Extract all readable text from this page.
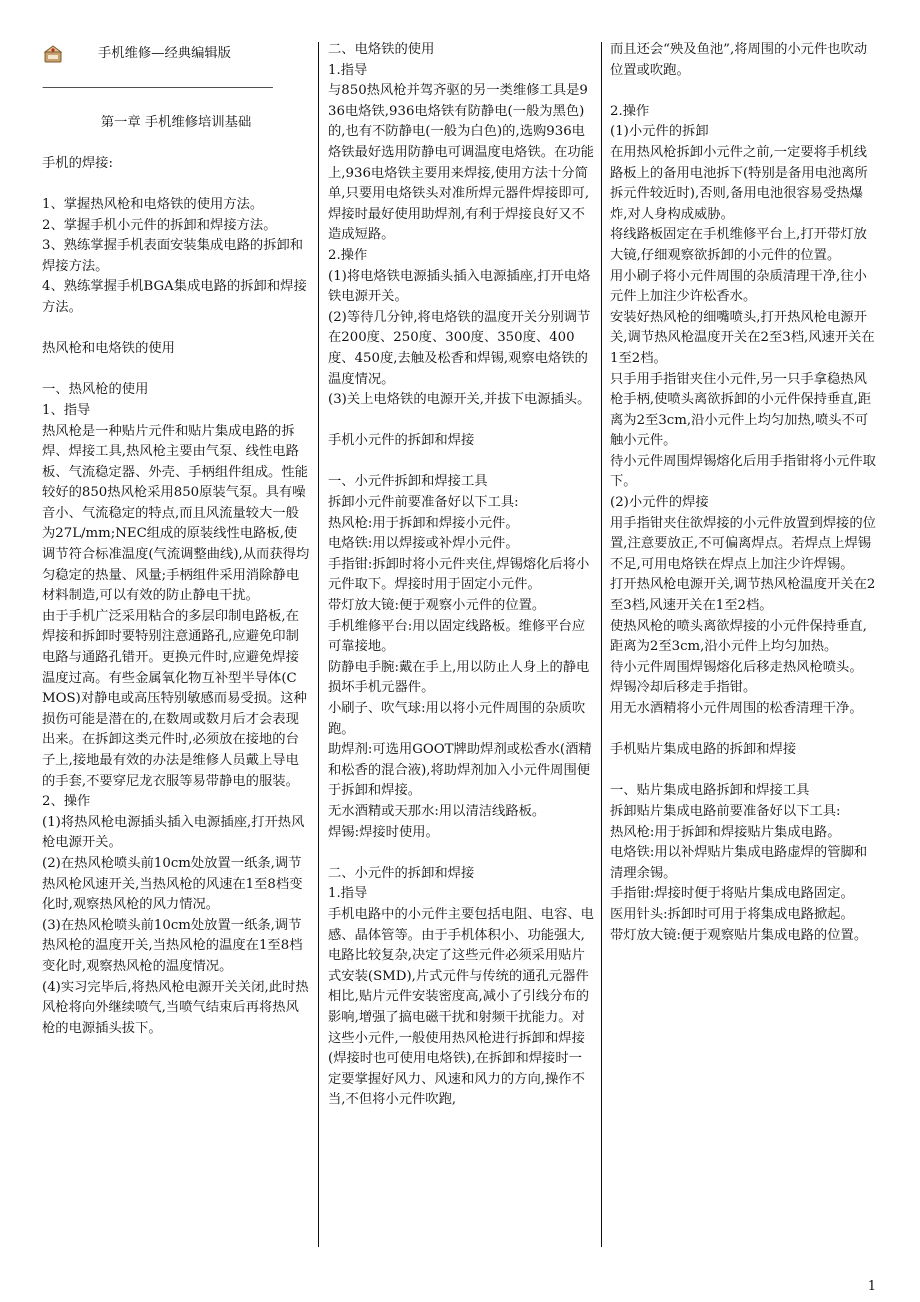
手机维修—经典编辑版
————————————————————
第一章 手机维修培训基础
手机的焊接:
1、掌握热风枪和电烙铁的使用方法。
2、掌握手机小元件的拆卸和焊接方法。
3、熟练掌握手机表面安装集成电路的拆卸和焊接方法。
4、熟练掌握手机BGA集成电路的拆卸和焊接方法。
热风枪和电烙铁的使用
一、热风枪的使用
1、指导
热风枪是一种贴片元件和贴片集成电路的拆焊、焊接工具,热风枪主要由气泵、线性电路板、气流稳定器、外壳、手柄组件组成。性能较好的850热风枪采用850原装气泵。具有噪音小、气流稳定的特点,而且风流量较大一般为27L/mm;NEC组成的原装线性电路板,使调节符合标准温度(气流调整曲线),从而获得均匀稳定的热量、风量;手柄组件采用消除静电材料制造,可以有效的防止静电干扰。
由于手机广泛采用粘合的多层印制电路板,在焊接和拆卸时要特别注意通路孔,应避免印制电路与通路孔错开。更换元件时,应避免焊接温度过高。有些金属氧化物互补型半导体(CMOS)对静电或高压特别敏感而易受损。这种损伤可能是潜在的,在数周或数月后才会表现出来。在拆卸这类元件时,必须放在接地的台子上,接地最有效的办法是维修人员戴上导电的手套,不要穿尼龙衣服等易带静电的服装。
2、操作
(1)将热风枪电源插头插入电源插座,打开热风枪电源开关。
(2)在热风枪喷头前10cm处放置一纸条,调节热风枪风速开关,当热风枪的风速在1至8档变化时,观察热风枪的风力情况。
(3)在热风枪喷头前10cm处放置一纸条,调节热风枪的温度开关,当热风枪的温度在1至8档变化时,观察热风枪的温度情况。
(4)实习完毕后,将热风枪电源开关关闭,此时热风枪将向外继续喷气,当喷气结束后再将热风枪的电源插头拔下。
二、电烙铁的使用
1.指导
与850热风枪并驾齐驱的另一类维修工具是936电烙铁,936电烙铁有防静电(一般为黑色)的,也有不防静电(一般为白色)的,选购936电烙铁最好选用防静电可调温度电烙铁。在功能上,936电烙铁主要用来焊接,使用方法十分简单,只要用电烙铁头对准所焊元器件焊接即可,焊接时最好使用助焊剂,有利于焊接良好又不造成短路。
2.操作
(1)将电烙铁电源插头插入电源插座,打开电烙铁电源开关。
(2)等待几分钟,将电烙铁的温度开关分别调节在200度、250度、300度、350度、400度、450度,去触及松香和焊锡,观察电烙铁的温度情况。
(3)关上电烙铁的电源开关,并拔下电源插头。
手机小元件的拆卸和焊接
一、小元件拆卸和焊接工具
拆卸小元件前要准备好以下工具:
热风枪:用于拆卸和焊接小元件。
电烙铁:用以焊接或补焊小元件。
手指钳:拆卸时将小元件夹住,焊锡熔化后将小元件取下。焊接时用于固定小元件。
带灯放大镜:便于观察小元件的位置。
手机维修平台:用以固定线路板。维修平台应可靠接地。
防静电手腕:戴在手上,用以防止人身上的静电损坏手机元器件。
小刷子、吹气球:用以将小元件周围的杂质吹跑。
助焊剂:可选用GOOT牌助焊剂或松香水(酒精和松香的混合液),将助焊剂加入小元件周围便于拆卸和焊接。
无水酒精或天那水:用以清洁线路板。
焊锡:焊接时使用。
二、小元件的拆卸和焊接
1.指导
手机电路中的小元件主要包括电阻、电容、电感、晶体管等。由于手机体积小、功能强大,电路比较复杂,决定了这些元件必须采用贴片式安装(SMD),片式元件与传统的通孔元器件相比,贴片元件安装密度高,减小了引线分布的影响,增强了搞电磁干扰和射频干扰能力。对这些小元件,一般使用热风枪进行拆卸和焊接(焊接时也可使用电烙铁),在拆卸和焊接时一定要掌握好风力、风速和风力的方向,操作不当,不但将小元件吹跑,
而且还会“殃及鱼池”,将周围的小元件也吹动位置或吹跑。
2.操作
(1)小元件的拆卸
在用热风枪拆卸小元件之前,一定要将手机线路板上的备用电池拆下(特别是备用电池离所拆元件较近时),否则,备用电池很容易受热爆炸,对人身构成威胁。
将线路板固定在手机维修平台上,打开带灯放大镜,仔细观察欲拆卸的小元件的位置。
用小刷子将小元件周围的杂质清理干净,往小元件上加注少许松香水。
安装好热风枪的细嘴喷头,打开热风枪电源开关,调节热风枪温度开关在2至3档,风速开关在1至2档。
只手用手指钳夹住小元件,另一只手拿稳热风枪手柄,使喷头离欲拆卸的小元件保持垂直,距离为2至3cm,沿小元件上均匀加热,喷头不可触小元件。
待小元件周围焊锡熔化后用手指钳将小元件取下。
(2)小元件的焊接
用手指钳夹住欲焊接的小元件放置到焊接的位置,注意要放正,不可偏离焊点。若焊点上焊锡不足,可用电烙铁在焊点上加注少许焊锡。
打开热风枪电源开关,调节热风枪温度开关在2至3档,风速开关在1至2档。
使热风枪的喷头离欲焊接的小元件保持垂直,距离为2至3cm,沿小元件上均匀加热。
待小元件周围焊锡熔化后移走热风枪喷头。
焊锡冷却后移走手指钳。
用无水酒精将小元件周围的松香清理干净。
手机贴片集成电路的拆卸和焊接
一、贴片集成电路拆卸和焊接工具
拆卸贴片集成电路前要准备好以下工具:
热风枪:用于拆卸和焊接贴片集成电路。
电烙铁:用以补焊贴片集成电路虚焊的管脚和清理余锡。
手指钳:焊接时便于将贴片集成电路固定。
医用针头:拆卸时可用于将集成电路掀起。
带灯放大镜:便于观察贴片集成电路的位置。
1
